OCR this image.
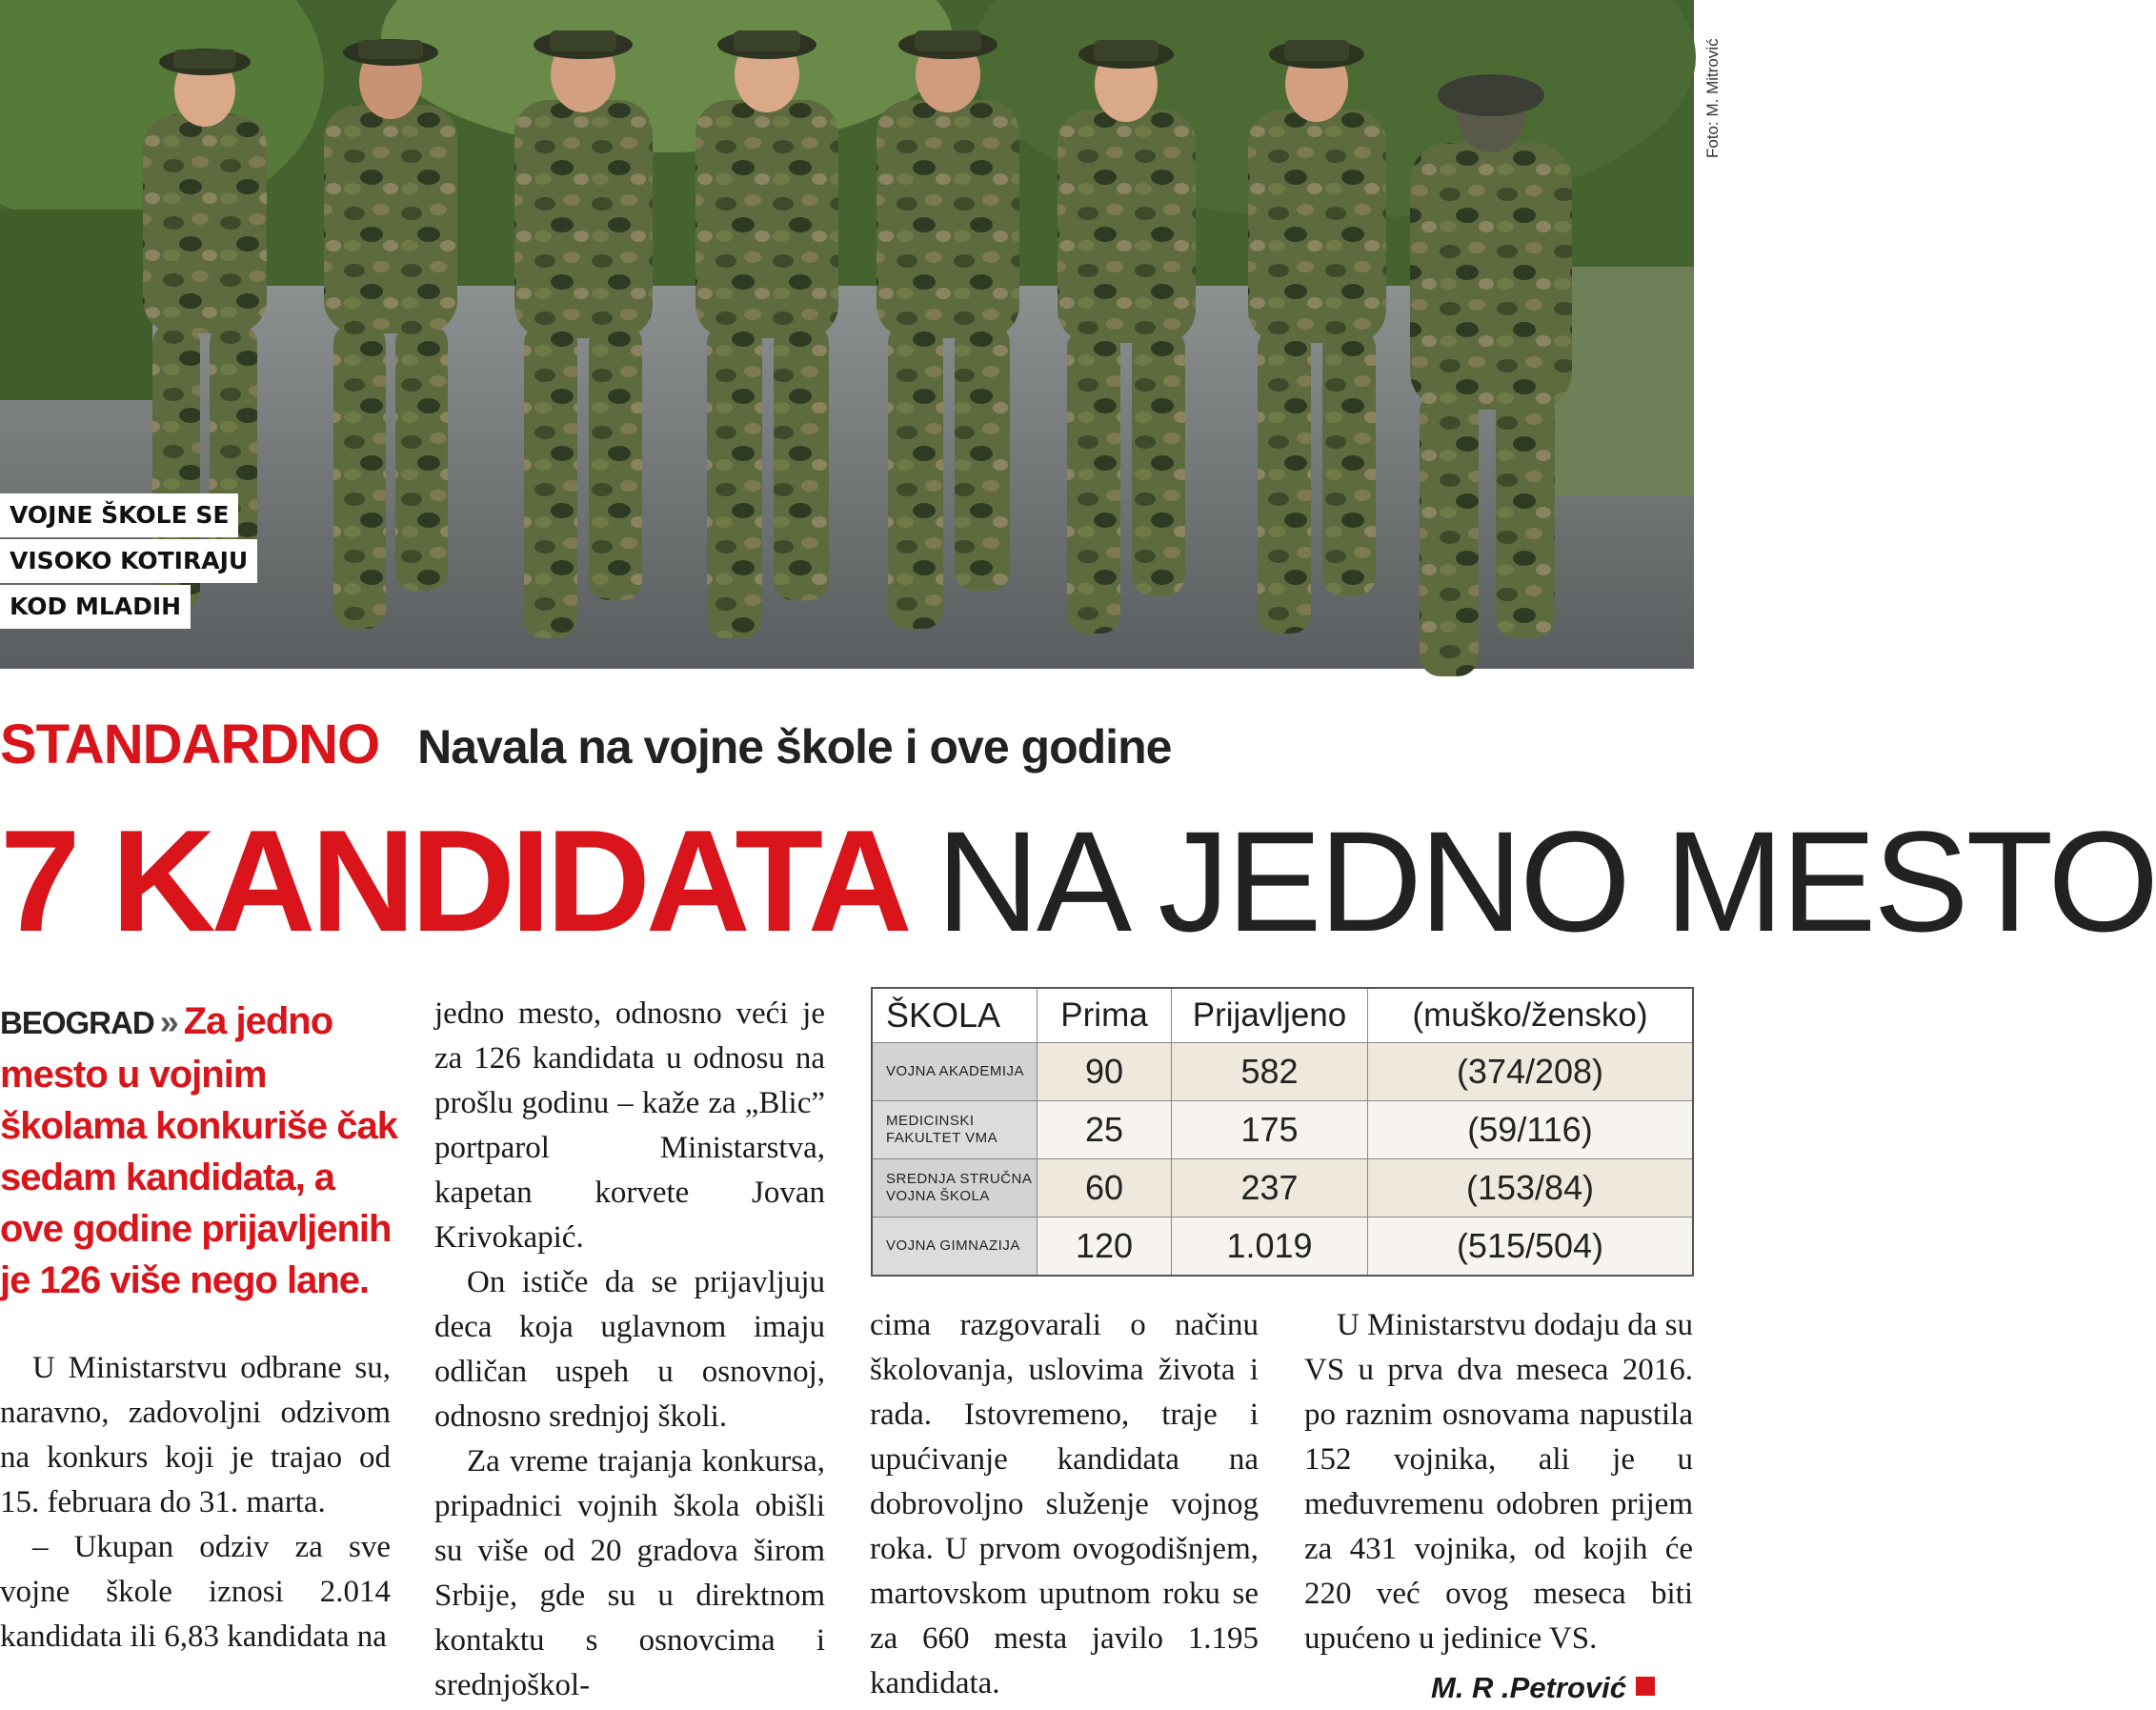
VOJNE ŠKOLE SE
VISOKO KOTIRAJU
KOD MLADIH
Foto: M. Mitrović
STANDARDNO Navala na vojne škole i ove godine
7 KANDIDATA NA JEDNO MESTO
BEOGRAD » Za jedno mesto u vojnim školama konkuriše čak sedam kandidata, a ove godine prijavljenih je 126 više nego lane.

U Ministarstvu odbrane su, naravno, zadovoljni odzivom na konkurs koji je trajao od 15. februara do 31. marta.

– Ukupan odziv za sve vojne škole iznosi 2.014 kandidata ili 6,83 kandidata na

jedno mesto, odnosno veći je za 126 kandidata u odnosu na prošlu godinu – kaže za „Blic” portparol Ministarstva, kapetan korvete Jovan Krivokapić.

On ističe da se prijavljuju deca koja uglavnom imaju odličan uspeh u osnovnoj, odnosno srednjoj školi.

Za vreme trajanja konkursa, pripadnici vojnih škola obišli su više od 20 gradova širom Srbije, gde su u direktnom kontaktu s osnovcima i srednjoškol-

cima razgovarali o načinu školovanja, uslovima života i rada. Istovremeno, traje i upućivanje kandidata na dobrovoljno služenje vojnog roka. U prvom ovogodišnjem, martovskom uputnom roku se za 660 mesta javilo 1.195 kandidata.

U Ministarstvu dodaju da su VS u prva dva meseca 2016. po raznim osnovama napustila 152 vojnika, ali je u međuvremenu odobren prijem za 431 vojnika, od kojih će 220 već ovog meseca biti upućeno u jedinice VS.

M. R .Petrović
ŠKOLA	Prima	Prijavljeno	(muško/žensko)
VOJNA AKADEMIJA	90	582	(374/208)
MEDICINSKI FAKULTET VMA	25	175	(59/116)
SREDNJA STRUČNA VOJNA ŠKOLA	60	237	(153/84)
VOJNA GIMNAZIJA	120	1.019	(515/504)
